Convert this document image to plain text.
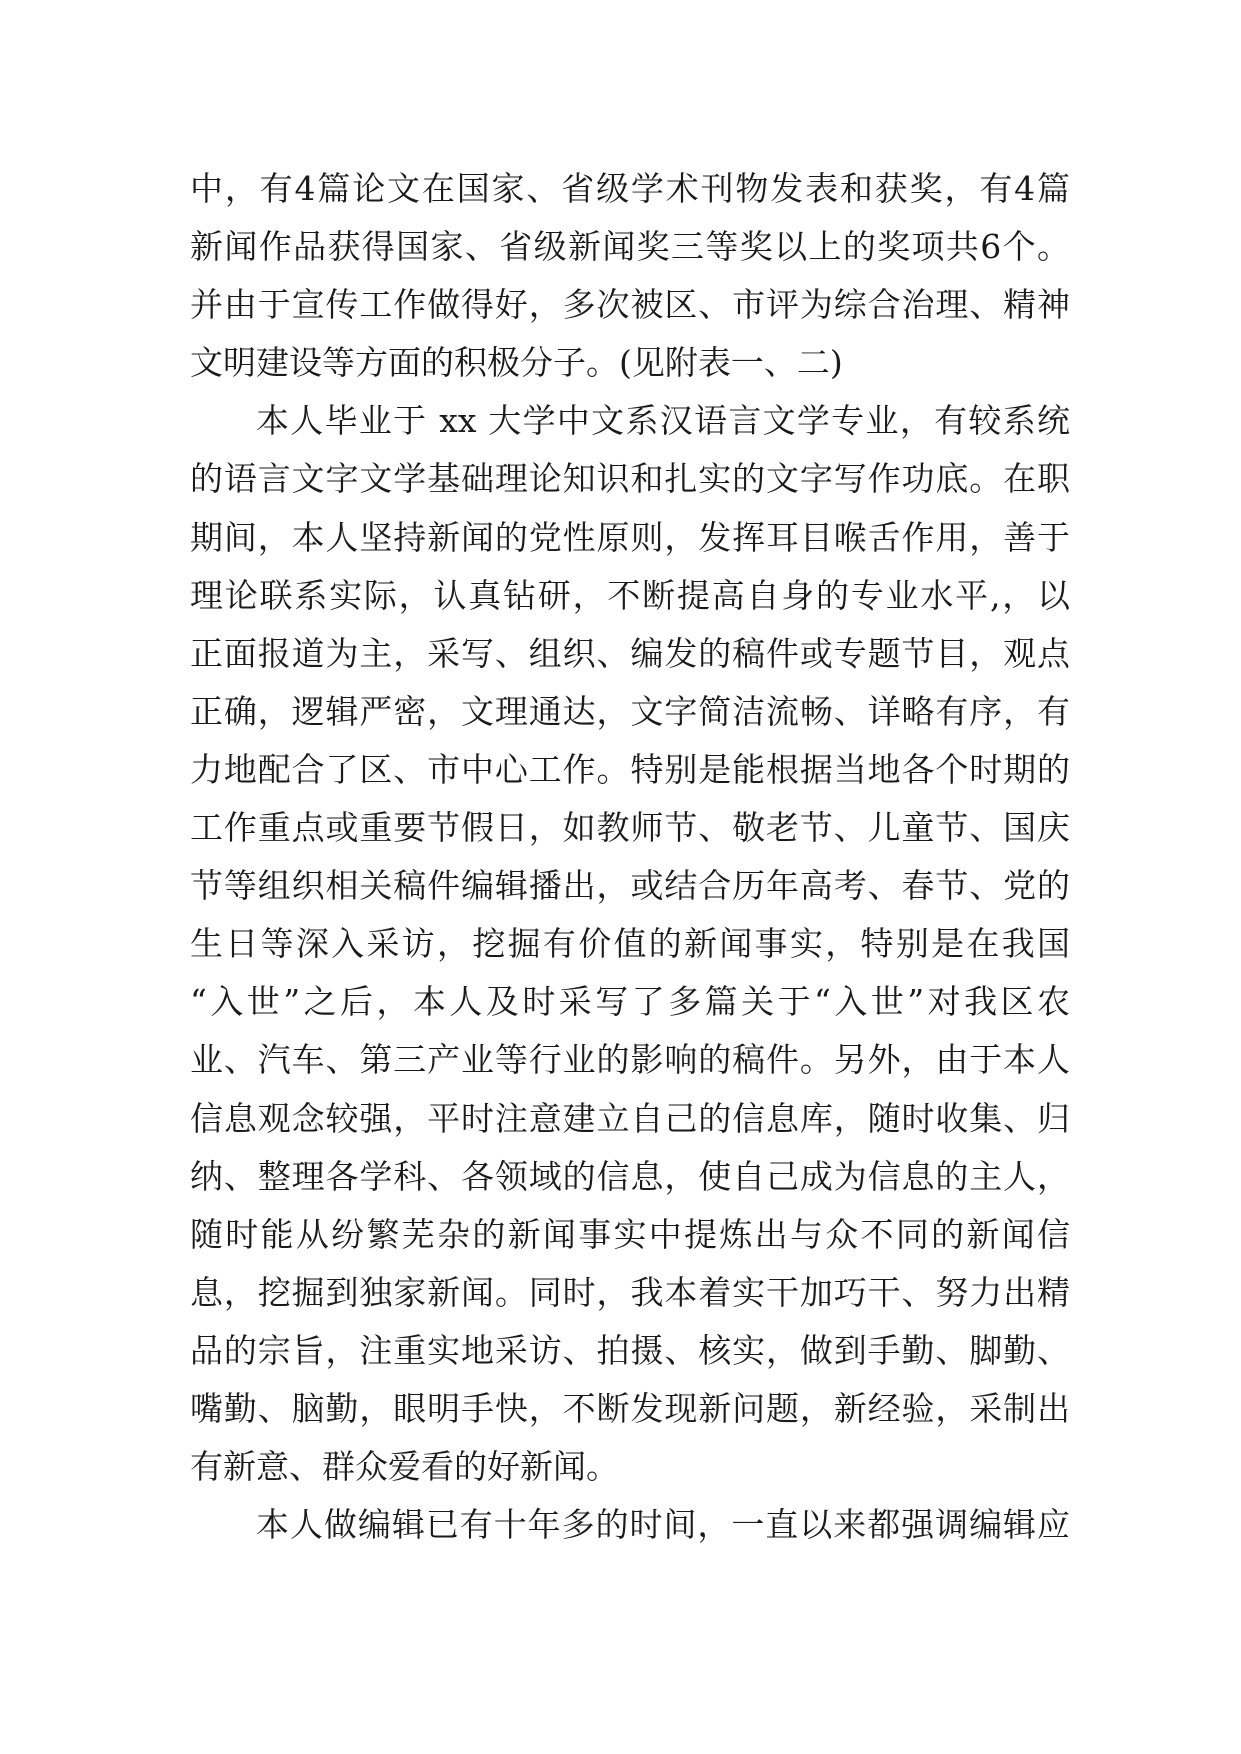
中，有4篇论文在国家、省级学术刊物发表和获奖，有4篇
新闻作品获得国家、省级新闻奖三等奖以上的奖项共6个。
并由于宣传工作做得好，多次被区、市评为综合治理、精神
文明建设等方面的积极分子。(见附表一、二)
本人毕业于 xx 大学中文系汉语言文学专业，有较系统
的语言文字文学基础理论知识和扎实的文字写作功底。在职
期间，本人坚持新闻的党性原则，发挥耳目喉舌作用，善于
理论联系实际，认真钻研，不断提高自身的专业水平,，以
正面报道为主，采写、组织、编发的稿件或专题节目，观点
正确，逻辑严密，文理通达，文字简洁流畅、详略有序，有
力地配合了区、市中心工作。特别是能根据当地各个时期的
工作重点或重要节假日，如教师节、敬老节、儿童节、国庆
节等组织相关稿件编辑播出，或结合历年高考、春节、党的
生日等深入采访，挖掘有价值的新闻事实，特别是在我国
“入世”之后，本人及时采写了多篇关于“入世”对我区农
业、汽车、第三产业等行业的影响的稿件。另外，由于本人
信息观念较强，平时注意建立自己的信息库，随时收集、归
纳、整理各学科、各领域的信息，使自己成为信息的主人，
随时能从纷繁芜杂的新闻事实中提炼出与众不同的新闻信
息，挖掘到独家新闻。同时，我本着实干加巧干、努力出精
品的宗旨，注重实地采访、拍摄、核实，做到手勤、脚勤、
嘴勤、脑勤，眼明手快，不断发现新问题，新经验，采制出
有新意、群众爱看的好新闻。
本人做编辑已有十年多的时间，一直以来都强调编辑应
